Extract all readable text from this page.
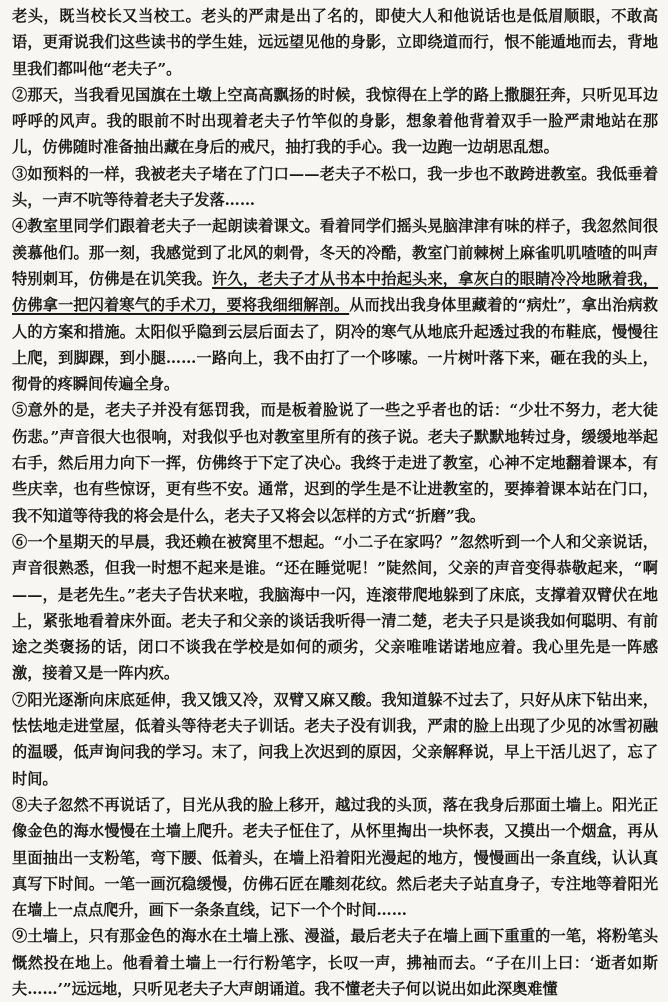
老头，既当校长又当校工。老头的严肃是出了名的，即使大人和他说话也是低眉顺眼，不敢高语，更甭说我们这些读书的学生娃，远远望见他的身影，立即绕道而行，恨不能遁地而去，背地里我们都叫他“老夫子”。

②那天，当我看见国旗在土墩上空高高飘扬的时候，我惊得在上学的路上撒腿狂奔，只听见耳边呼呼的风声。我的眼前不时出现着老夫子竹竿似的身影，想象着他背着双手一脸严肃地站在那儿，仿佛随时准备抽出藏在身后的戒尺，抽打我的手心。我一边跑一边胡思乱想。

③如预料的一样，我被老夫子堵在了门口——老夫子不松口，我一步也不敢跨进教室。我低垂着头，一声不吭等待着老夫子发落……

④教室里同学们跟着老夫子一起朗读着课文。看着同学们摇头晃脑津津有味的样子，我忽然间很羡慕他们。那一刻，我感觉到了北风的刺骨，冬天的冷酷，教室门前棘树上麻雀叽叽喳喳的叫声特别刺耳，仿佛是在讥笑我。许久，老夫子才从书本中抬起头来，拿灰白的眼睛冷冷地瞅着我，仿佛拿一把闪着寒气的手术刀，要将我细细解剖。从而找出我身体里藏着的“病灶”，拿出治病救人的方案和措施。太阳似乎隐到云层后面去了，阴冷的寒气从地底升起透过我的布鞋底，慢慢往上爬，到脚踝，到小腿……一路向上，我不由打了一个哆嗦。一片树叶落下来，砸在我的头上，彻骨的疼瞬间传遍全身。

⑤意外的是，老夫子并没有惩罚我，而是板着脸说了一些之乎者也的话：“少壮不努力，老大徒伤悲。”声音很大也很响，对我似乎也对教室里所有的孩子说。老夫子默默地转过身，缓缓地举起右手，然后用力向下一挥，仿佛终于下定了决心。我终于走进了教室，心神不定地翻着课本，有些庆幸，也有些惊讶，更有些不安。通常，迟到的学生是不让进教室的，要捧着课本站在门口，我不知道等待我的将会是什么，老夫子又将会以怎样的方式“折磨”我。

⑥一个星期天的早晨，我还赖在被窝里不想起。“小二子在家吗？”忽然听到一个人和父亲说话，声音很熟悉，但我一时想不起来是谁。“还在睡觉呢！”陡然间，父亲的声音变得恭敬起来，“啊——，是老先生。”老夫子告状来啦，我脑海中一闪，连滚带爬地躲到了床底，支撑着双臂伏在地上，紧张地看着床外面。老夫子和父亲的谈话我听得一清二楚，老夫子只是谈我如何聪明、有前途之类褒扬的话，闭口不谈我在学校是如何的顽劣，父亲唯唯诺诺地应着。我心里先是一阵感激，接着又是一阵内疚。

⑦阳光逐渐向床底延伸，我又饿又冷，双臂又麻又酸。我知道躲不过去了，只好从床下钻出来，怯怯地走进堂屋，低着头等待老夫子训话。老夫子没有训我，严肃的脸上出现了少见的冰雪初融的温暖，低声询问我的学习。末了，问我上次迟到的原因，父亲解释说，早上干活儿迟了，忘了时间。

⑧夫子忽然不再说话了，目光从我的脸上移开，越过我的头顶，落在我身后那面土墙上。阳光正像金色的海水慢慢在土墙上爬升。老夫子怔住了，从怀里掏出一块怀表，又摸出一个烟盒，再从里面抽出一支粉笔，弯下腰、低着头，在墙上沿着阳光漫起的地方，慢慢画出一条直线，认认真真写下时间。一笔一画沉稳缓慢，仿佛石匠在雕刻花纹。然后老夫子站直身子，专注地等着阳光在墙上一点点爬升，画下一条条直线，记下一个个时间……

⑨土墙上，只有那金色的海水在土墙上涨、漫溢，最后老夫子在墙上画下重重的一笔，将粉笔头慨然投在地上。他看着土墙上一行行粉笔字，长叹一声，拂袖而去。“子在川上曰：‘逝者如斯夫……’”远远地，只听见老夫子大声朗诵道。我不懂老夫子何以说出如此深奥难懂
